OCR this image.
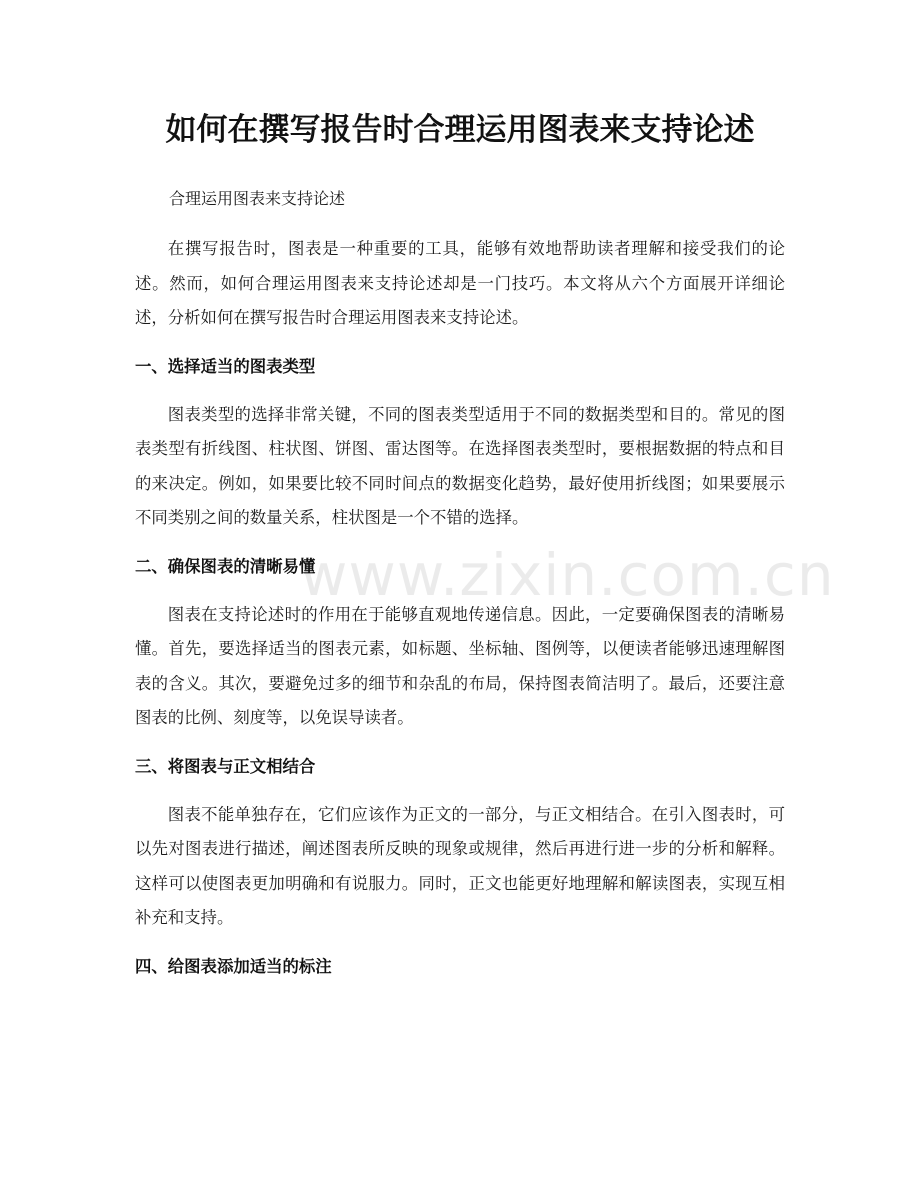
如何在撰写报告时合理运用图表来支持论述

合理运用图表来支持论述

在撰写报告时，图表是一种重要的工具，能够有效地帮助读者理解和接受我们的论述。然而，如何合理运用图表来支持论述却是一门技巧。本文将从六个方面展开详细论述，分析如何在撰写报告时合理运用图表来支持论述。

一、选择适当的图表类型

图表类型的选择非常关键，不同的图表类型适用于不同的数据类型和目的。常见的图表类型有折线图、柱状图、饼图、雷达图等。在选择图表类型时，要根据数据的特点和目的来决定。例如，如果要比较不同时间点的数据变化趋势，最好使用折线图；如果要展示不同类别之间的数量关系，柱状图是一个不错的选择。

二、确保图表的清晰易懂

图表在支持论述时的作用在于能够直观地传递信息。因此，一定要确保图表的清晰易懂。首先，要选择适当的图表元素，如标题、坐标轴、图例等，以便读者能够迅速理解图表的含义。其次，要避免过多的细节和杂乱的布局，保持图表简洁明了。最后，还要注意图表的比例、刻度等，以免误导读者。

三、将图表与正文相结合

图表不能单独存在，它们应该作为正文的一部分，与正文相结合。在引入图表时，可以先对图表进行描述，阐述图表所反映的现象或规律，然后再进行进一步的分析和解释。这样可以使图表更加明确和有说服力。同时，正文也能更好地理解和解读图表，实现互相补充和支持。

四、给图表添加适当的标注
www.zixin.com.cn
